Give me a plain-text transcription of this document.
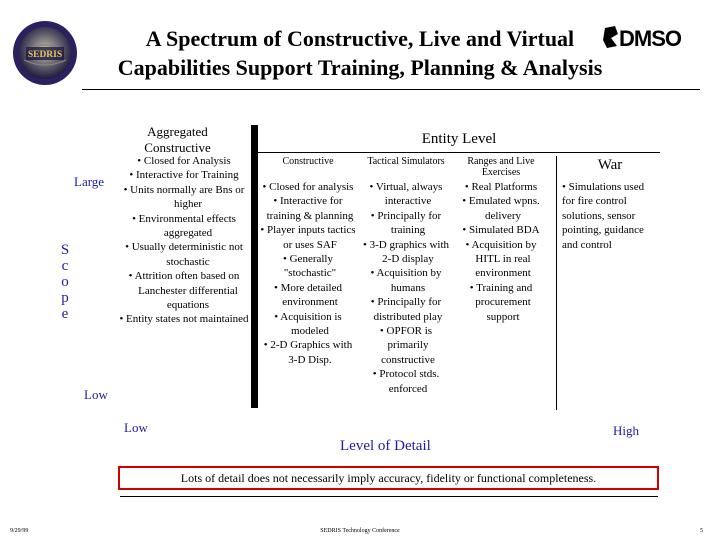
SEDRIS
DMSO
A Spectrum of Constructive, Live and Virtual
Capabilities Support Training, Planning & Analysis
Large
S
c
o
p
e
Low
Aggregated
Constructive
• Closed for Analysis
• Interactive for Training
• Units normally are Bns or higher
• Environmental effects aggregated
• Usually deterministic not stochastic
• Attrition often based on Lanchester differential equations
• Entity states not maintained
Entity Level
Constructive
• Closed for analysis
• Interactive for training & planning
• Player inputs tactics or uses SAF
• Generally "stochastic"
• More detailed environment
• Acquisition is modeled
• 2-D Graphics with 3-D Disp.
Tactical Simulators
• Virtual, always interactive
• Principally for training
• 3-D graphics with 2-D display
• Acquisition by humans
• Principally for distributed play
• OPFOR is primarily constructive
• Protocol stds. enforced
Ranges and Live Exercises
• Real Platforms
• Emulated wpns. delivery
• Simulated BDA
• Acquisition by HITL in real environment
• Training and procurement support
War
• Simulations used for fire control solutions, sensor pointing, guidance and control
Low
Level of Detail
High
Lots of detail does not necessarily imply accuracy, fidelity or functional completeness.
9/29/99	SEDRIS Technology Conference	5
